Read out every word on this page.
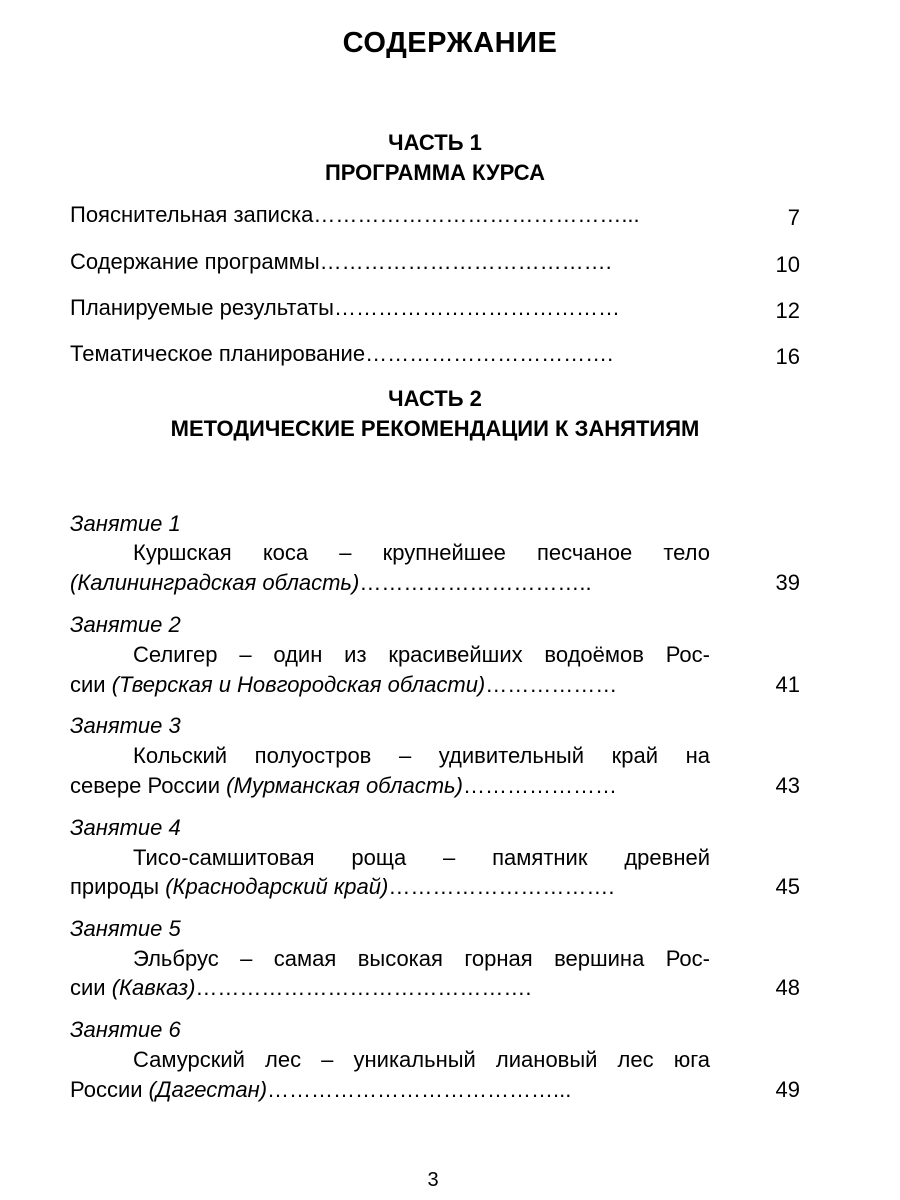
СОДЕРЖАНИЕ
ЧАСТЬ 1
ПРОГРАММА КУРСА
Пояснительная записка……………………………………...	7
Содержание программы………………………………….	10
Планируемые результаты…………………………………	12
Тематическое планирование…………………………….	16
ЧАСТЬ 2
МЕТОДИЧЕСКИЕ РЕКОМЕНДАЦИИ К ЗАНЯТИЯМ
Занятие 1
Куршская коса – крупнейшее песчаное тело
(Калининградская область)…………………………..	39
Занятие 2
Селигер – один из красивейших водоёмов Рос-
сии (Тверская и Новгородская области)………………	41
Занятие 3
Кольский полуостров – удивительный край на
севере России (Мурманская область)…………………	43
Занятие 4
Тисо-самшитовая роща – памятник древней
природы (Краснодарский край)………………………….	45
Занятие 5
Эльбрус – самая высокая горная вершина Рос-
сии (Кавказ)……………………………………….	48
Занятие 6
Самурский лес – уникальный лиановый лес юга
России (Дагестан)…………………………………...	49
3
